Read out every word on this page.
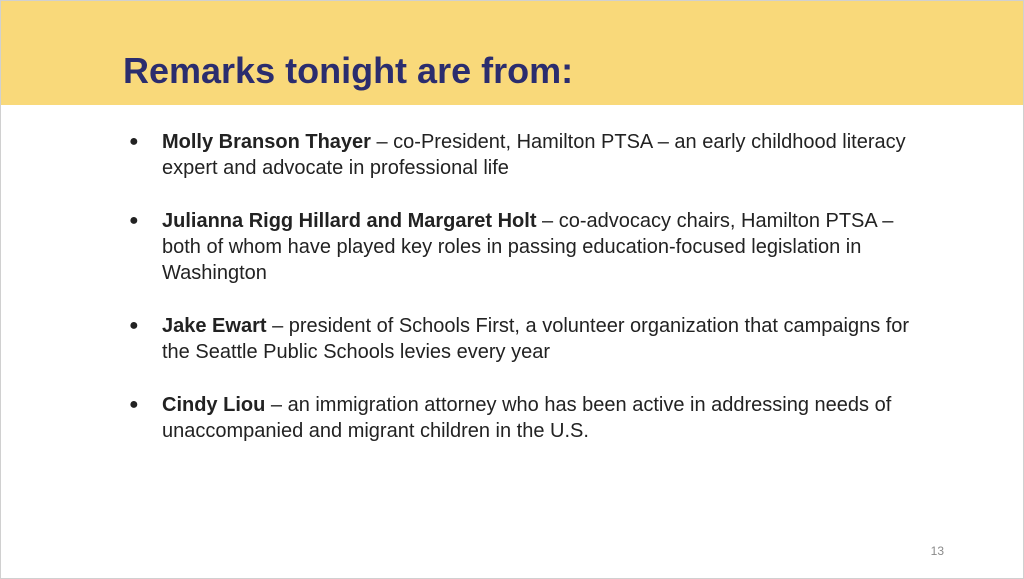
Remarks tonight are from:
● Molly Branson Thayer – co-President, Hamilton PTSA – an early childhood literacy expert and advocate in professional life
● Julianna Rigg Hillard and Margaret Holt – co-advocacy chairs, Hamilton PTSA – both of whom have played key roles in passing education-focused legislation in Washington
● Jake Ewart – president of Schools First, a volunteer organization that campaigns for the Seattle Public Schools levies every year
● Cindy Liou – an immigration attorney who has been active in addressing needs of unaccompanied and migrant children in the U.S.
13
